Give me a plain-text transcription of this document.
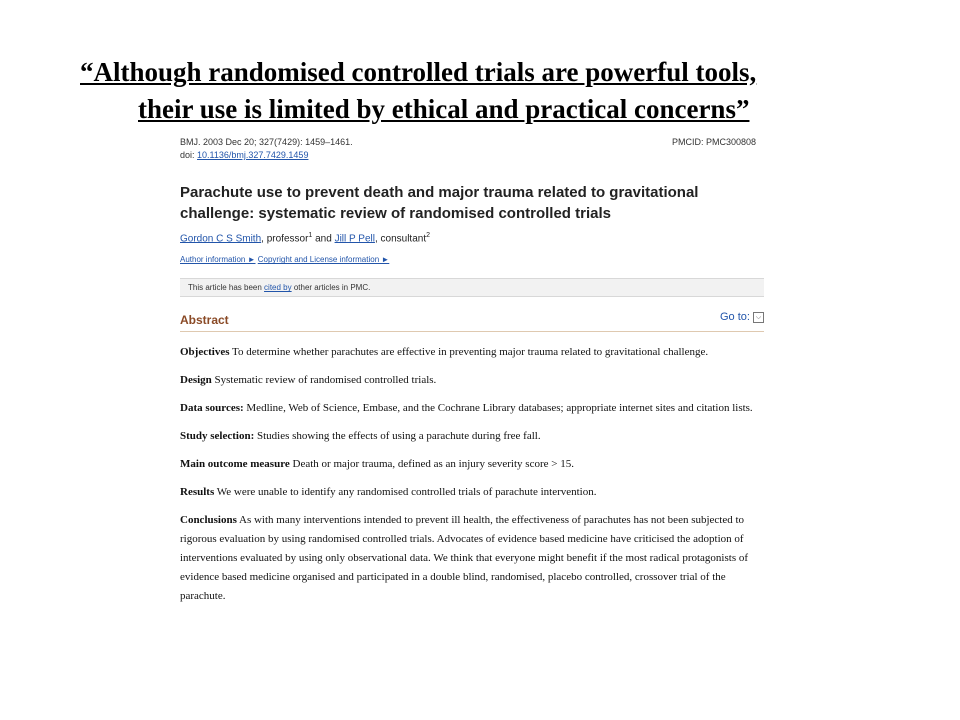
“Although randomised controlled trials are powerful tools,
their use is limited by ethical and practical concerns”
BMJ. 2003 Dec 20; 327(7429): 1459–1461.
doi: 10.1136/bmj.327.7429.1459
PMCID: PMC300808
Parachute use to prevent death and major trauma related to gravitational challenge: systematic review of randomised controlled trials
Gordon C S Smith, professor$^1$ and Jill P Pell, consultant$^2$
Author information ► Copyright and License information ►
This article has been cited by other articles in PMC.
Abstract	Go to: ⌵
Objectives To determine whether parachutes are effective in preventing major trauma related to gravitational challenge.
Design Systematic review of randomised controlled trials.
Data sources: Medline, Web of Science, Embase, and the Cochrane Library databases; appropriate internet sites and citation lists.
Study selection: Studies showing the effects of using a parachute during free fall.
Main outcome measure Death or major trauma, defined as an injury severity score > 15.
Results We were unable to identify any randomised controlled trials of parachute intervention.
Conclusions As with many interventions intended to prevent ill health, the effectiveness of parachutes has not been subjected to rigorous evaluation by using randomised controlled trials. Advocates of evidence based medicine have criticised the adoption of interventions evaluated by using only observational data. We think that everyone might benefit if the most radical protagonists of evidence based medicine organised and participated in a double blind, randomised, placebo controlled, crossover trial of the parachute.
